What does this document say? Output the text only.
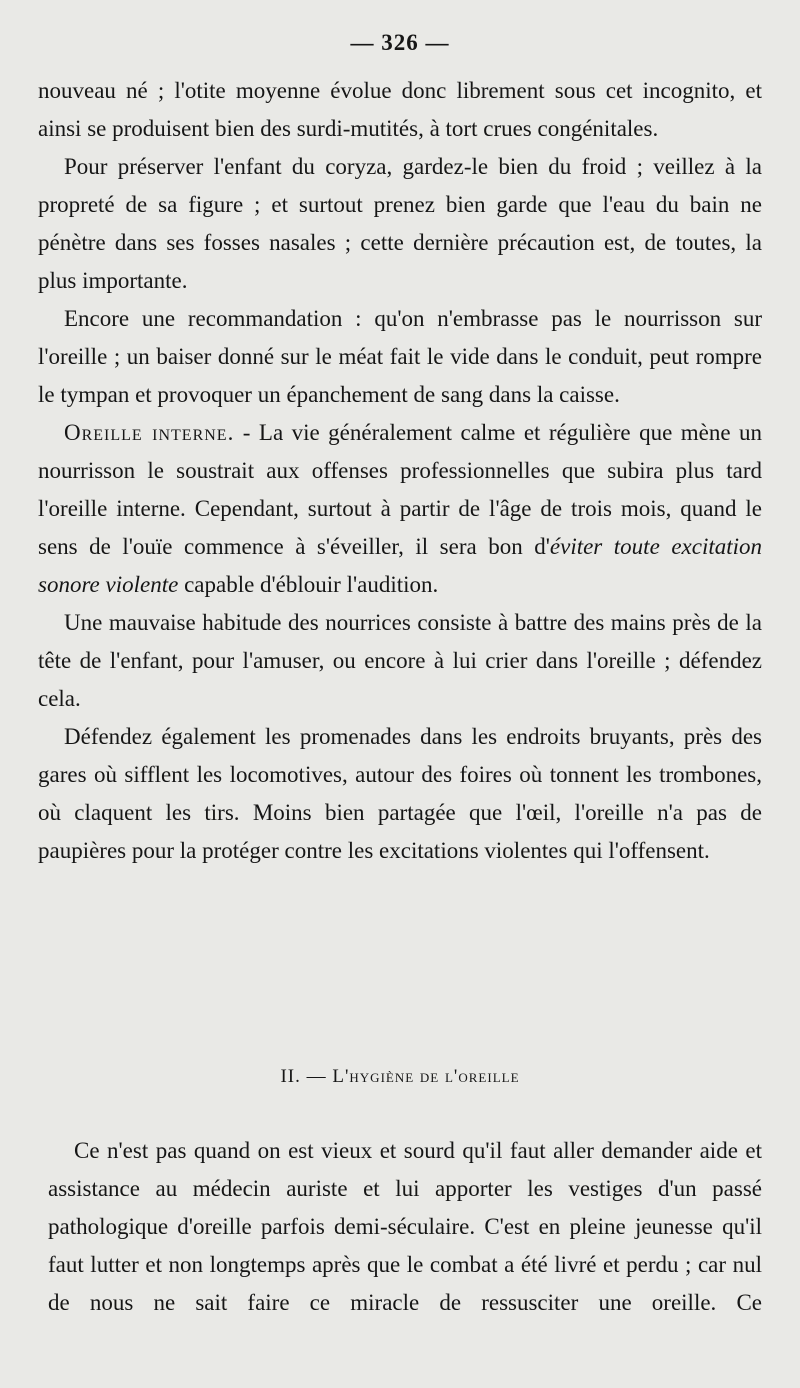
— 326 —

nouveau né ; l'otite moyenne évolue donc librement sous cet incognito, et ainsi se produisent bien des surdi-mutités, à tort crues congénitales.

Pour préserver l'enfant du coryza, gardez-le bien du froid ; veillez à la propreté de sa figure ; et surtout prenez bien garde que l'eau du bain ne pénètre dans ses fosses nasales ; cette dernière précaution est, de toutes, la plus importante.

Encore une recommandation : qu'on n'embrasse pas le nourrisson sur l'oreille ; un baiser donné sur le méat fait le vide dans le conduit, peut rompre le tympan et provoquer un épanchement de sang dans la caisse.

Oreille interne. - La vie généralement calme et régulière que mène un nourrisson le soustrait aux offenses professionnelles que subira plus tard l'oreille interne. Cependant, surtout à partir de l'âge de trois mois, quand le sens de l'ouïe commence à s'éveiller, il sera bon d'éviter toute excitation sonore violente capable d'éblouir l'audition.

Une mauvaise habitude des nourrices consiste à battre des mains près de la tête de l'enfant, pour l'amuser, ou encore à lui crier dans l'oreille ; défendez cela.

Défendez également les promenades dans les endroits bruyants, près des gares où sifflent les locomotives, autour des foires où tonnent les trombones, où claquent les tirs. Moins bien partagée que l'œil, l'oreille n'a pas de paupières pour la protéger contre les excitations violentes qui l'offensent.

II. — L'hygiène de l'oreille

Ce n'est pas quand on est vieux et sourd qu'il faut aller demander aide et assistance au médecin auriste et lui apporter les vestiges d'un passé pathologique d'oreille parfois demi-séculaire. C'est en pleine jeunesse qu'il faut lutter et non longtemps après que le combat a été livré et perdu ; car nul de nous ne sait faire ce miracle de ressusciter une oreille. Ce
